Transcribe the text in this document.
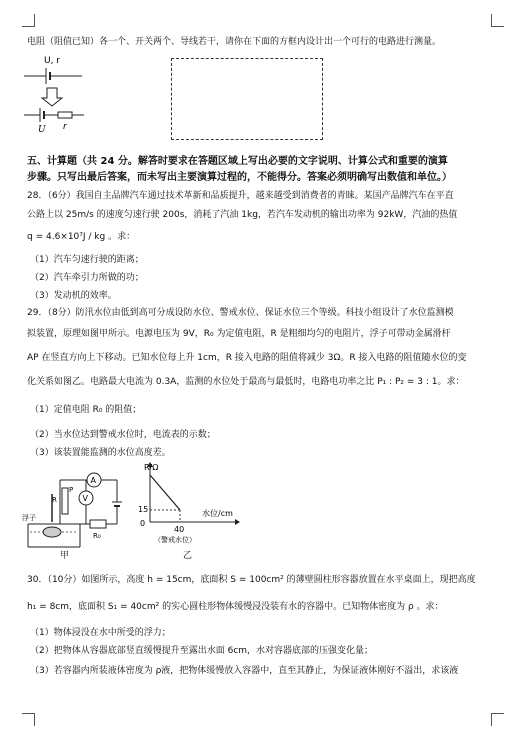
电阻（阻值已知）各一个、开关两个、导线若干，请你在下面的方框内设计出一个可行的电路进行测量。
U, r
U r
五、计算题（共 24 分。解答时要求在答题区域上写出必要的文字说明、计算公式和重要的演算
步骤。只写出最后答案，而未写出主要演算过程的，不能得分。答案必须明确写出数值和单位。）
28．（6分）我国自主品牌汽车通过技术革新和品质提升，越来越受到消费者的青睐。某国产品牌汽车在平直
公路上以 25m/s 的速度匀速行驶 200s，消耗了汽油 1kg，若汽车发动机的输出功率为 92kW，汽油的热值
q = 4.6×10⁷J / kg 。求：
（1）汽车匀速行驶的距离；
（2）汽车牵引力所做的功；
（3）发动机的效率。
29．（8分）防汛水位由低到高可分成设防水位、警戒水位、保证水位三个等级。科技小组设计了水位监测模
拟装置，原理如图甲所示。电源电压为 9V，R₀ 为定值电阻，R 是粗细均匀的电阻片，浮子可带动金属滑杆
AP 在竖直方向上下移动。已知水位每上升 1cm，R 接入电路的阻值将减少 3Ω。R 接入电路的阻值随水位的变
化关系如图乙。电路最大电流为 0.3A，监测的水位处于最高与最低时，电路电功率之比 P₁ : P₂ = 3 : 1。求：
（1）定值电阻 R₀ 的阻值；
（2）当水位达到警戒水位时，电流表的示数；
（3）该装置能监测的水位高度差。
A
R₀
R
P
V
浮子
甲
R/Ω
水位/cm
15
0
40
（警戒水位）
乙
30．（10分）如图所示，高度 h = 15cm，底面积 S = 100cm² 的薄壁圆柱形容器放置在水平桌面上，现把高度
h₁ = 8cm，底面积 S₁ = 40cm² 的实心圆柱形物体缓慢浸没装有水的容器中。已知物体密度为 ρ 。求：
（1）物体浸没在水中所受的浮力；
（2）把物体从容器底部竖直缓慢提升至露出水面 6cm，水对容器底部的压强变化量；
（3）若容器内所装液体密度为 ρ液，把物体缓慢放入容器中，直至其静止，为保证液体刚好不溢出，求该液
